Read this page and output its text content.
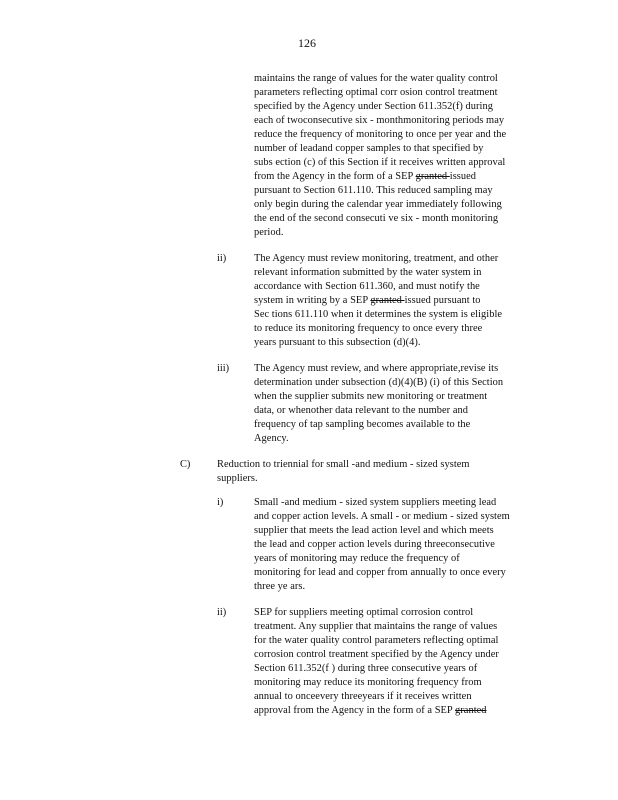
126
maintains the range of values for the water quality control
parameters reflecting optimal corr osion control treatment
specified by the Agency under Section 611.352(f) during
each of twoconsecutive six - monthmonitoring periods may
reduce the frequency of monitoring to once per year and the
number of leadand copper samples to that specified by
subs ection (c) of this Section if it receives written approval
from the Agency in the form of a SEP granted issued
pursuant to Section 611.110. This reduced sampling may
only begin during the calendar year immediately following
the end of the second consecuti ve six - month monitoring
period.
ii)	The Agency must review monitoring, treatment, and other
relevant information submitted by the water system in
accordance with Section 611.360, and must notify the
system in writing by a SEP granted issued pursuant to
Sec tions 611.110 when it determines the system is eligible
to reduce its monitoring frequency to once every three
years pursuant to this subsection (d)(4).
iii) The Agency must review, and where appropriate,revise its
determination under subsection (d)(4)(B) (i) of this Section
when the supplier submits new monitoring or treatment
data, or whenother data relevant to the number and
frequency of tap sampling becomes available to the
Agency.
C)	Reduction to triennial for small -and medium - sized system
suppliers.
i)	Small -and medium - sized system suppliers meeting lead
and copper action levels. A small - or medium - sized system
supplier that meets the lead action level and which meets
the lead and copper action levels during threeconsecutive
years of monitoring may reduce the frequency of
monitoring for lead and copper from annually to once every
three ye ars.
ii)	SEP for suppliers meeting optimal corrosion control
treatment. Any supplier that maintains the range of values
for the water quality control parameters reflecting optimal
corrosion control treatment specified by the Agency under
Section 611.352(f ) during three consecutive years of
monitoring may reduce its monitoring frequency from
annual to onceevery threeyears if it receives written
approval from the Agency in the form of a SEP granted
